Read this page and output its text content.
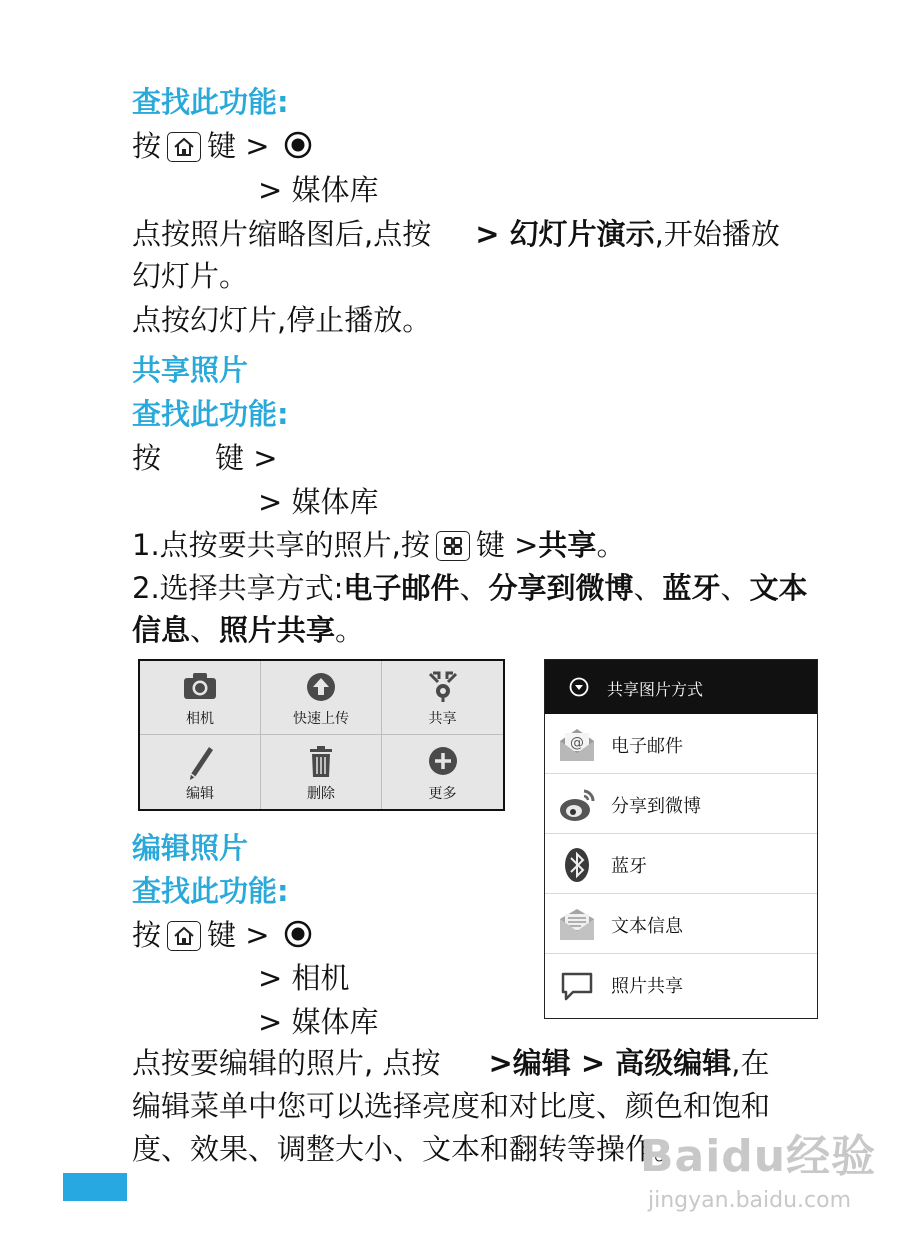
查找此功能:
按 键 >
> 媒体库
点按照片缩略图后,点按 > 幻灯片演示,开始播放
幻灯片。
点按幻灯片,停止播放。
共享照片
查找此功能:
按 键 >
> 媒体库
1.点按要共享的照片,按 键 >共享。
2.选择共享方式:电子邮件、分享到微博、蓝牙、文本
信息、照片共享。
相机	快速上传	共享
编辑	删除	更多
共享图片方式
@ 电子邮件
分享到微博
蓝牙
文本信息
照片共享
编辑照片
查找此功能:
按 键 >
> 相机
> 媒体库
点按要编辑的照片, 点按 >编辑 > 高级编辑,在
编辑菜单中您可以选择亮度和对比度、颜色和饱和
度、效果、调整大小、文本和翻转等操作。
Baidu经验
jingyan.baidu.com
